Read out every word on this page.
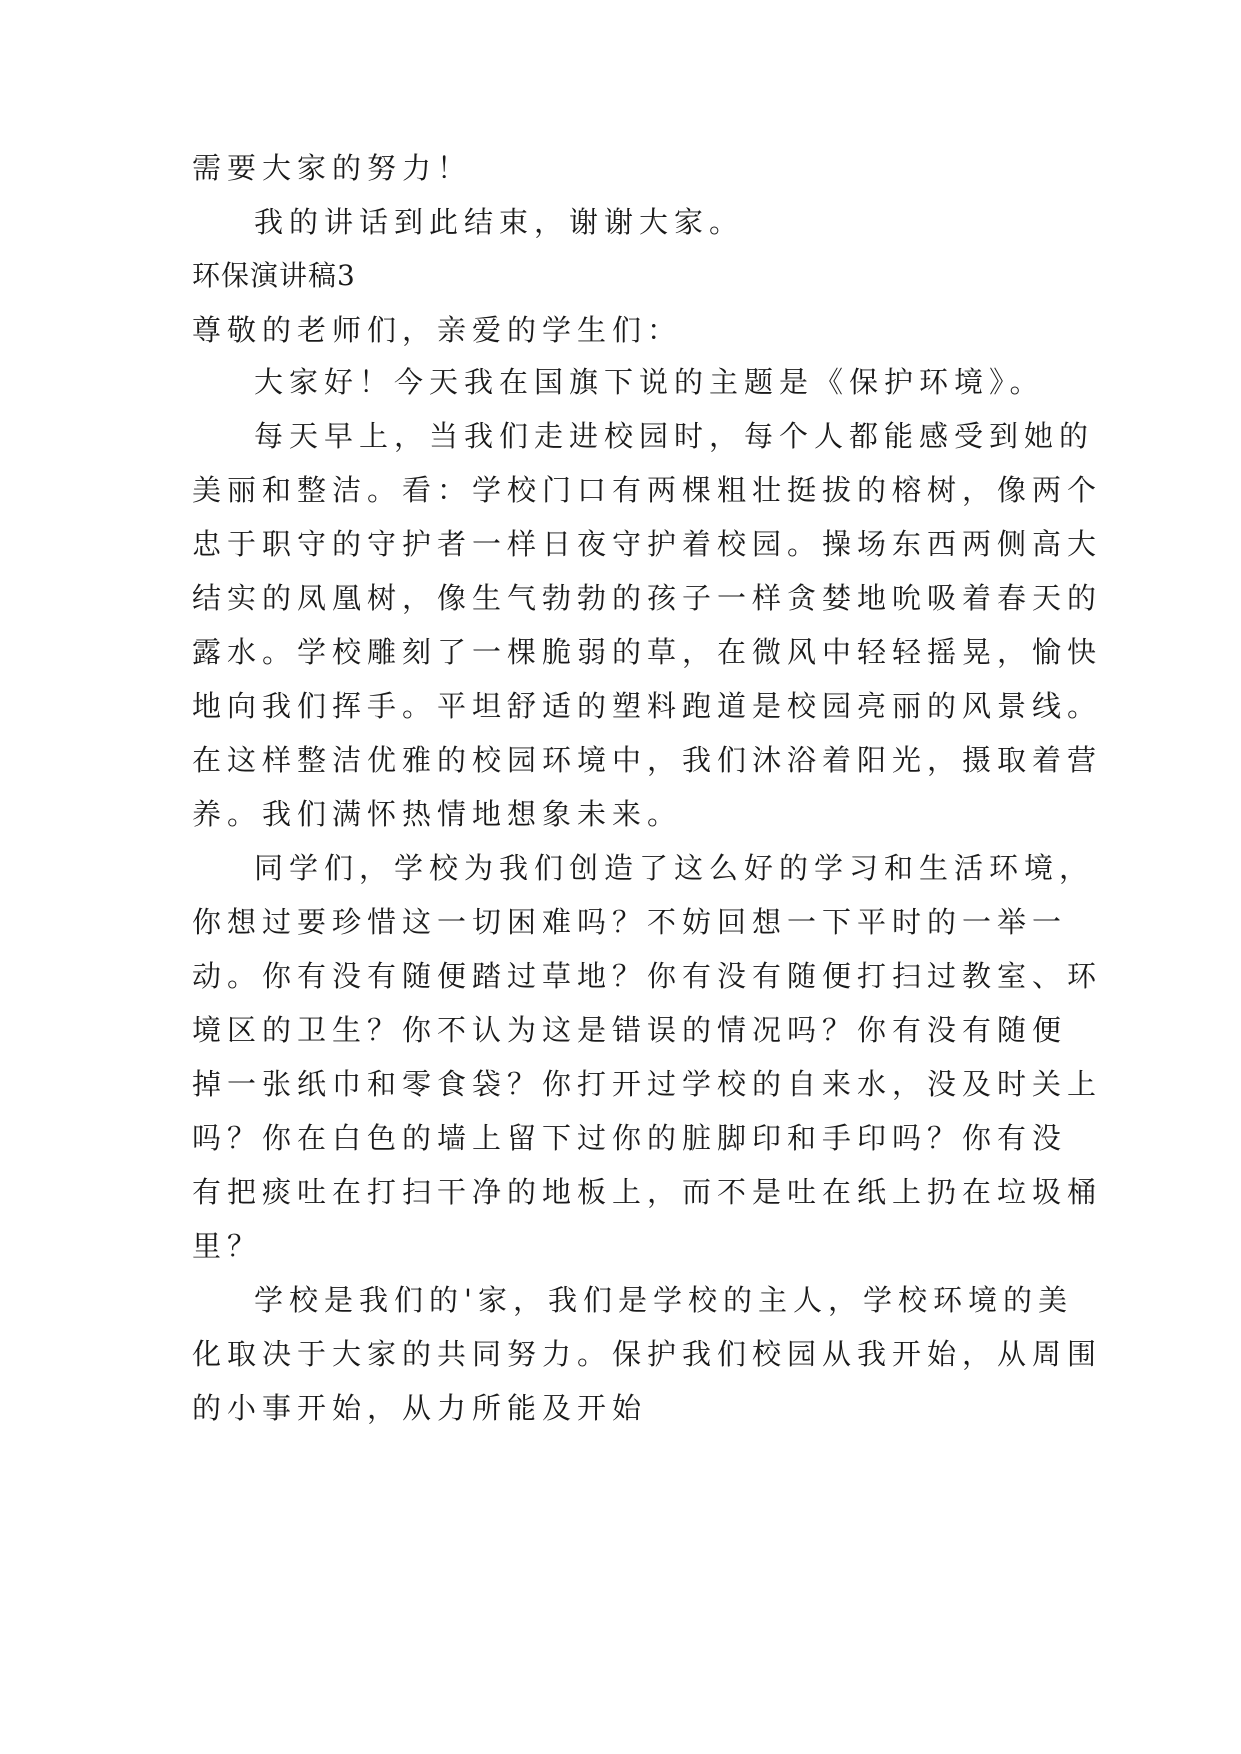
需要大家的努力！
我的讲话到此结束，谢谢大家。
环保演讲稿3
尊敬的老师们，亲爱的学生们：
大家好！今天我在国旗下说的主题是《保护环境》。
每天早上，当我们走进校园时，每个人都能感受到她的
美丽和整洁。看：学校门口有两棵粗壮挺拔的榕树，像两个
忠于职守的守护者一样日夜守护着校园。操场东西两侧高大
结实的凤凰树，像生气勃勃的孩子一样贪婪地吮吸着春天的
露水。学校雕刻了一棵脆弱的草，在微风中轻轻摇晃，愉快
地向我们挥手。平坦舒适的塑料跑道是校园亮丽的风景线。
在这样整洁优雅的校园环境中，我们沐浴着阳光，摄取着营
养。我们满怀热情地想象未来。
同学们，学校为我们创造了这么好的学习和生活环境，
你想过要珍惜这一切困难吗？不妨回想一下平时的一举一
动。你有没有随便踏过草地？你有没有随便打扫过教室、环
境区的卫生？你不认为这是错误的情况吗？你有没有随便
掉一张纸巾和零食袋？你打开过学校的自来水，没及时关上
吗？你在白色的墙上留下过你的脏脚印和手印吗？你有没
有把痰吐在打扫干净的地板上，而不是吐在纸上扔在垃圾桶
里？
学校是我们的'家，我们是学校的主人，学校环境的美
化取决于大家的共同努力。保护我们校园从我开始，从周围
的小事开始，从力所能及开始
